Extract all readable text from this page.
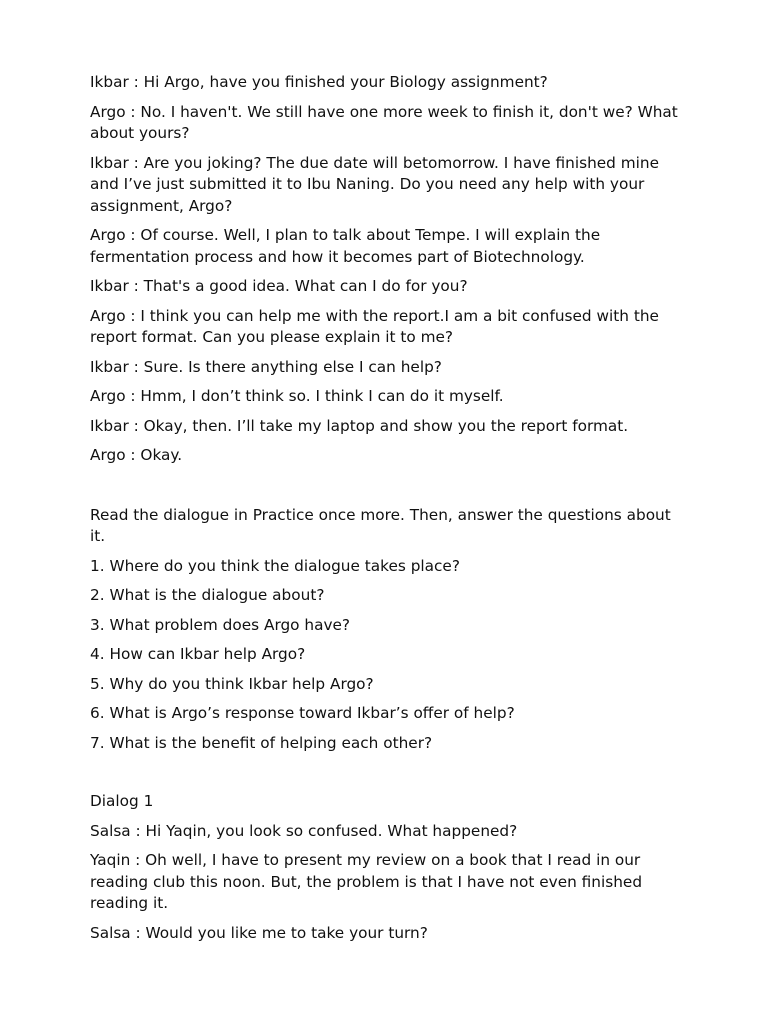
Ikbar : Hi Argo, have you finished your Biology assignment?

Argo : No. I haven't. We still have one more week to finish it, don't we? What about yours?

Ikbar : Are you joking? The due date will betomorrow. I have finished mine and I’ve just submitted it to Ibu Naning. Do you need any help with your assignment, Argo?

Argo : Of course. Well, I plan to talk about Tempe. I will explain the fermentation process and how it becomes part of Biotechnology.

Ikbar : That's a good idea. What can I do for you?

Argo : I think you can help me with the report.I am a bit confused with the report format. Can you please explain it to me?

Ikbar : Sure. Is there anything else I can help?

Argo : Hmm, I don’t think so. I think I can do it myself.

Ikbar : Okay, then. I’ll take my laptop and show you the report format.

Argo : Okay.

Read the dialogue in Practice once more. Then, answer the questions about it.

1. Where do you think the dialogue takes place?

2. What is the dialogue about?

3. What problem does Argo have?

4. How can Ikbar help Argo?

5. Why do you think Ikbar help Argo?

6. What is Argo’s response toward Ikbar’s offer of help?

7. What is the benefit of helping each other?

Dialog 1

Salsa : Hi Yaqin, you look so confused. What happened?

Yaqin : Oh well, I have to present my review on a book that I read in our reading club this noon. But, the problem is that I have not even finished reading it.

Salsa : Would you like me to take your turn?
